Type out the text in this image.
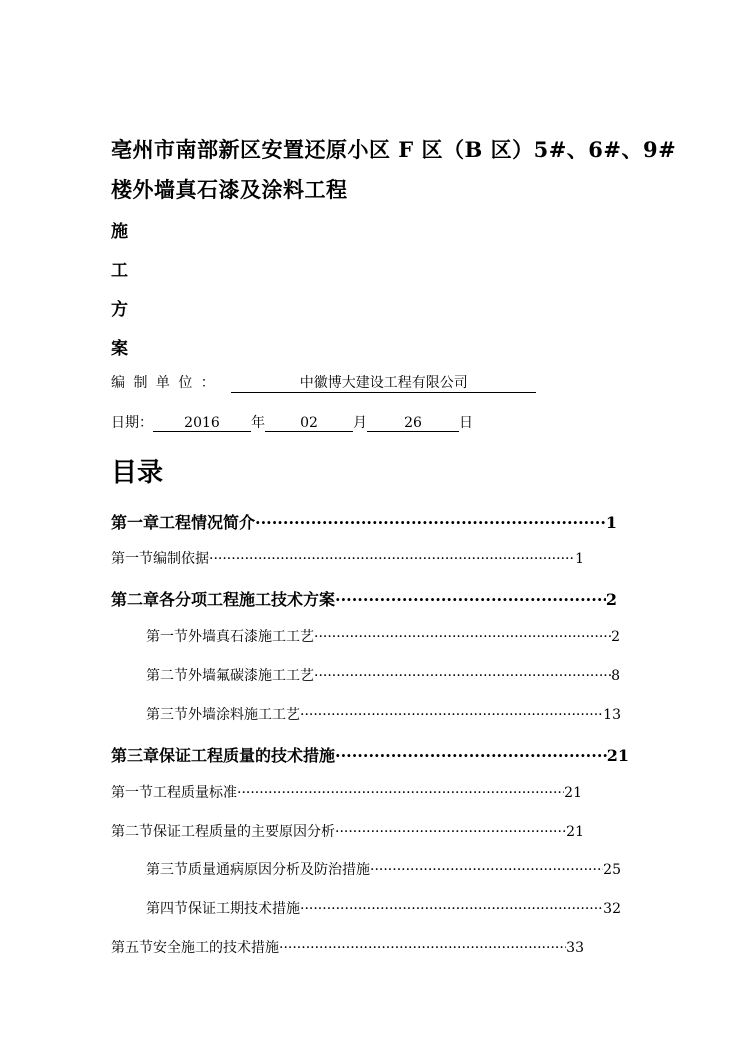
亳州市南部新区安置还原小区 F 区（B 区）5#、6#、9#
楼外墙真石漆及涂料工程
施
工
方
案
编 制 单 位 ：	中徽博大建设工程有限公司
日期： 2016 年	02	月	26	日
目录
第一章工程情况简介 ·····	1
第一节编制依据 ·····	1
第二章各分项工程施工技术方案 ·····	2
第一节外墙真石漆施工工艺 ·····	2
第二节外墙氟碳漆施工工艺 ·····	8
第三节外墙涂料施工工艺 ·····	13
第三章保证工程质量的技术措施 ·····	21
第一节工程质量标准 ·····	21
第二节保证工程质量的主要原因分析 ·····	21
第三节质量通病原因分析及防治措施 ·····	25
第四节保证工期技术措施 ·····	32
第五节安全施工的技术措施 ·····	33
